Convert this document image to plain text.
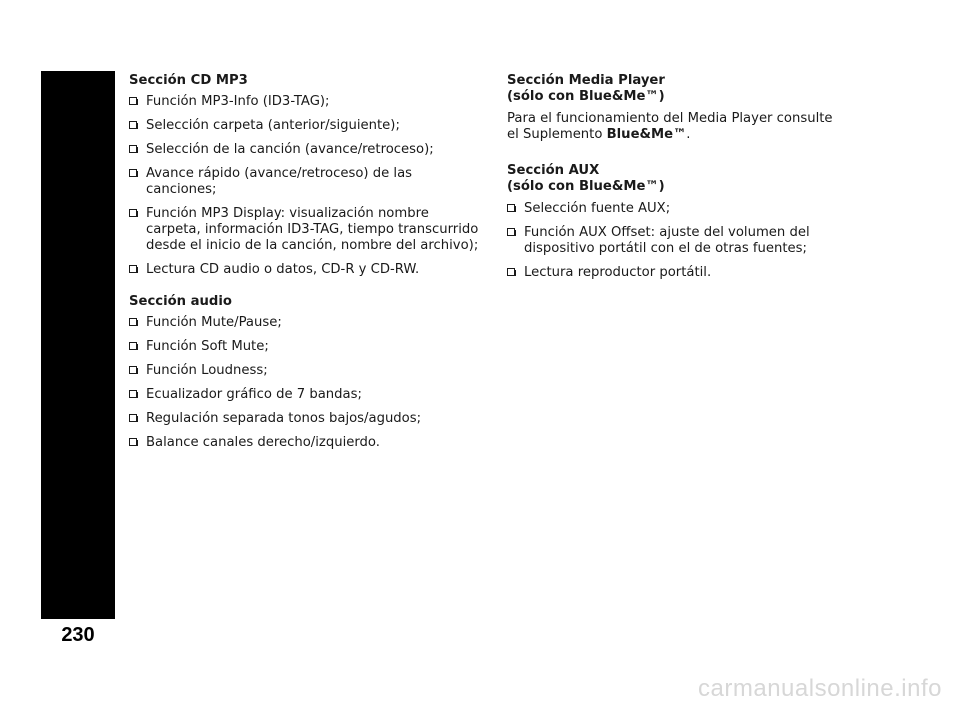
AUTORRADIO
230
Sección CD MP3
Función MP3-Info (ID3-TAG);
Selección carpeta (anterior/siguiente);
Selección de la canción (avance/retroceso);
Avance rápido (avance/retroceso) de las canciones;
Función MP3 Display: visualización nombre carpeta, información ID3-TAG, tiempo transcurrido desde el inicio de la canción, nombre del archivo);
Lectura CD audio o datos, CD-R y CD-RW.
Sección audio
Función Mute/Pause;
Función Soft Mute;
Función Loudness;
Ecualizador gráfico de 7 bandas;
Regulación separada tonos bajos/agudos;
Balance canales derecho/izquierdo.
Sección Media Player
(sólo con Blue&Me™)

Para el funcionamiento del Media Player consulte el Suplemento Blue&Me™.

Sección AUX
(sólo con Blue&Me™)
Selección fuente AUX;
Función AUX Offset: ajuste del volumen del dispositivo portátil con el de otras fuentes;
Lectura reproductor portátil.
carmanualsonline.info
